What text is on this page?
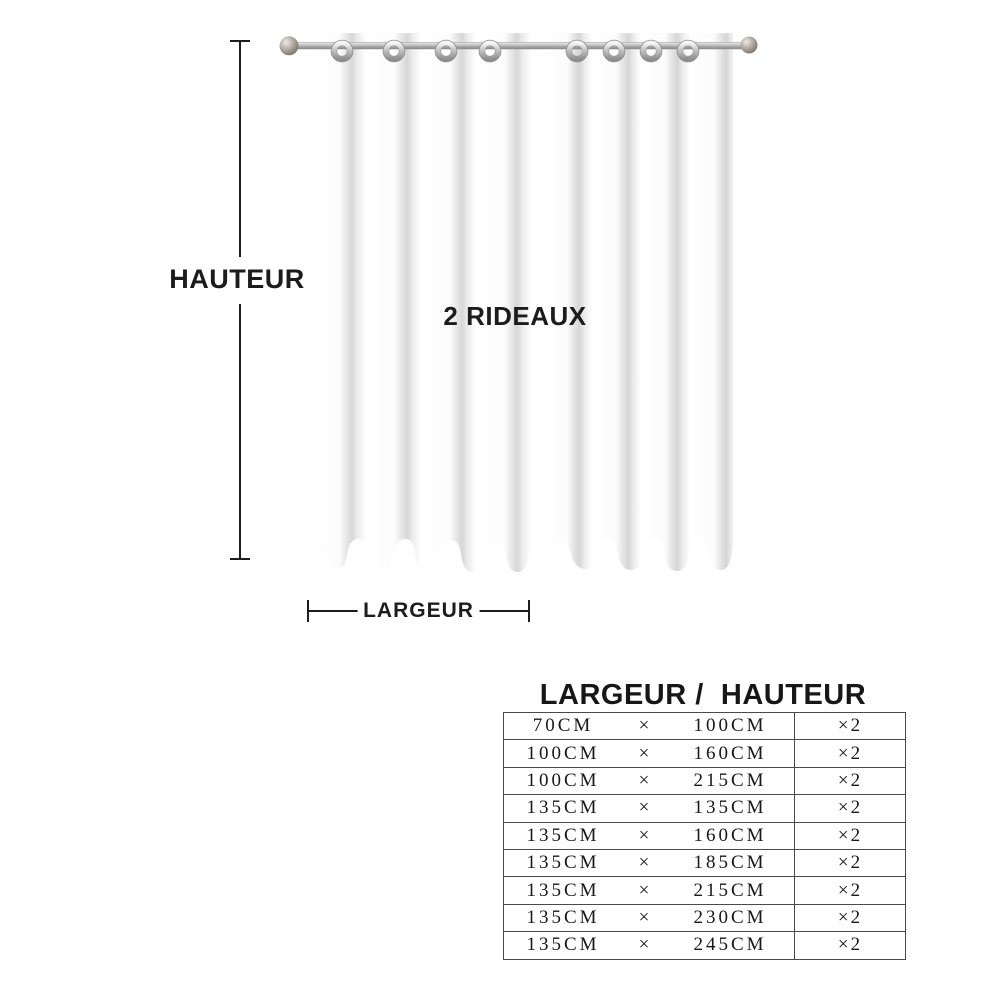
HAUTEUR
2 RIDEAUX
LARGEUR
LARGEUR /  HAUTEUR
70CM	×	100CM	×2
100CM	×	160CM	×2
100CM	×	215CM	×2
135CM	×	135CM	×2
135CM	×	160CM	×2
135CM	×	185CM	×2
135CM	×	215CM	×2
135CM	×	230CM	×2
135CM	×	245CM	×2
